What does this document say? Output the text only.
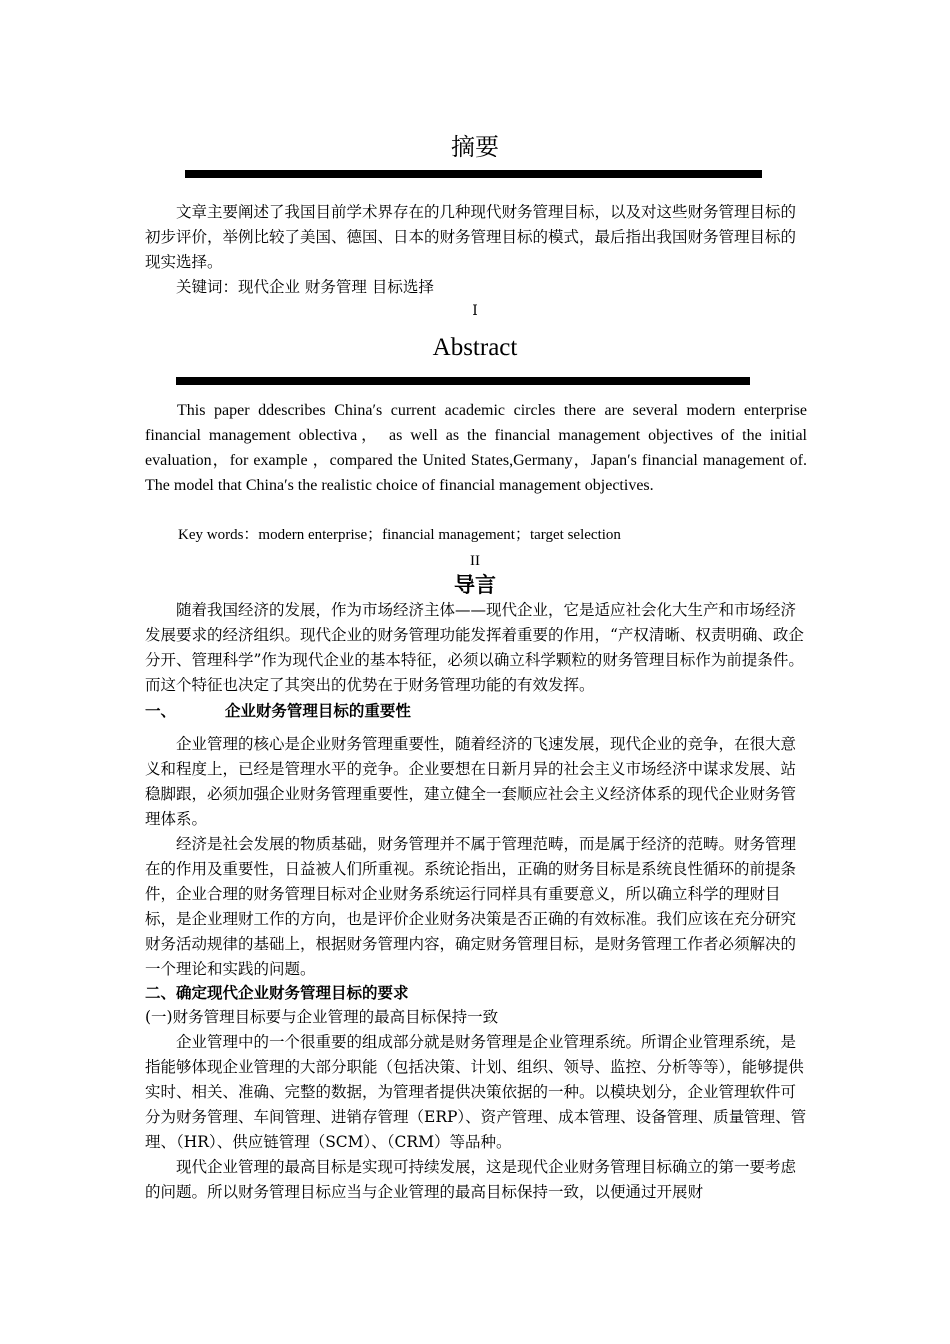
摘要

文章主要阐述了我国目前学术界存在的几种现代财务管理目标，以及对这些财务管理目标的初步评价，举例比较了美国、德国、日本的财务管理目标的模式，最后指出我国财务管理目标的现实选择。

关键词：现代企业 财务管理 目标选择

I
Abstract

This paper ddescribes China′s current academic circles there are several modern enterprise financial management oblectiva， as well as the financial management objectives of the initial evaluation，for example ，compared the United States,Germany，Japan′s financial management of. The model that China′s the realistic choice of financial management objectives.

Key words：modern enterprise；financial management；target selection
II
导言

随着我国经济的发展，作为市场经济主体——现代企业，它是适应社会化大生产和市场经济发展要求的经济组织。现代企业的财务管理功能发挥着重要的作用，“产权清晰、权责明确、政企分开、管理科学”作为现代企业的基本特征，必须以确立科学颗粒的财务管理目标作为前提条件。而这个特征也决定了其突出的优势在于财务管理功能的有效发挥。

一、	企业财务管理目标的重要性

企业管理的核心是企业财务管理重要性，随着经济的飞速发展，现代企业的竞争，在很大意义和程度上，已经是管理水平的竞争。企业要想在日新月异的社会主义市场经济中谋求发展、站稳脚跟，必须加强企业财务管理重要性，建立健全一套顺应社会主义经济体系的现代企业财务管理体系。

经济是社会发展的物质基础，财务管理并不属于管理范畴，而是属于经济的范畴。财务管理在的作用及重要性，日益被人们所重视。系统论指出，正确的财务目标是系统良性循环的前提条件，企业合理的财务管理目标对企业财务系统运行同样具有重要意义，所以确立科学的理财目标，是企业理财工作的方向，也是评价企业财务决策是否正确的有效标准。我们应该在充分研究财务活动规律的基础上，根据财务管理内容，确定财务管理目标，是财务管理工作者必须解决的一个理论和实践的问题。

二、确定现代企业财务管理目标的要求
(一)财务管理目标要与企业管理的最高目标保持一致

企业管理中的一个很重要的组成部分就是财务管理是企业管理系统。所谓企业管理系统，是指能够体现企业管理的大部分职能（包括决策、计划、组织、领导、监控、分析等等），能够提供实时、相关、准确、完整的数据，为管理者提供决策依据的一种。以模块划分，企业管理软件可分为财务管理、车间管理、进销存管理（ERP）、资产管理、成本管理、设备管理、质量管理、管理、（HR）、供应链管理（SCM）、（CRM）等品种。

现代企业管理的最高目标是实现可持续发展，这是现代企业财务管理目标确立的第一要考虑的问题。所以财务管理目标应当与企业管理的最高目标保持一致，以便通过开展财
